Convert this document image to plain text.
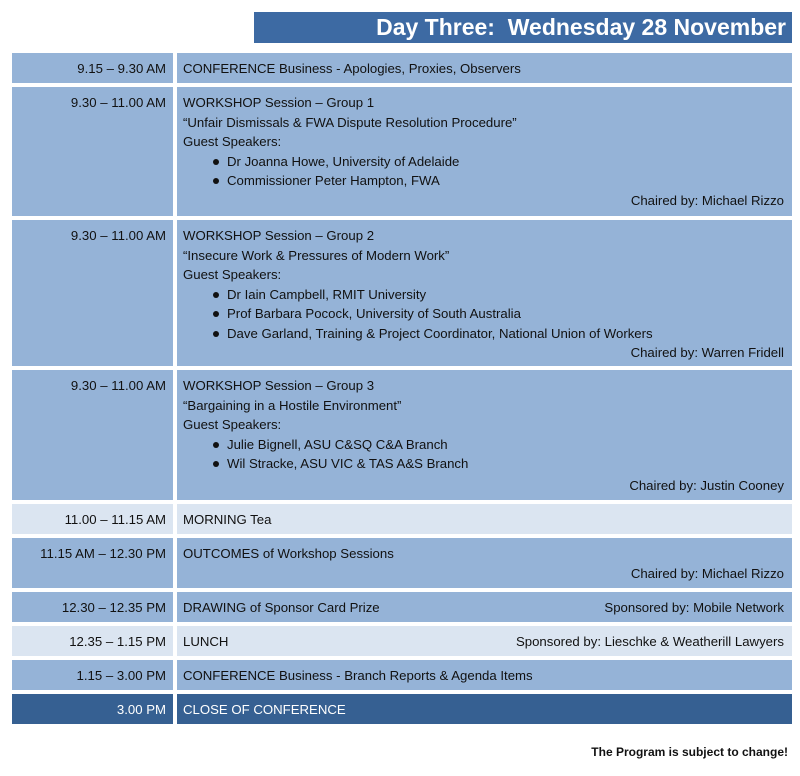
Day Three:  Wednesday 28 November
9.15 – 9.30 AM	CONFERENCE Business - Apologies, Proxies, Observers
9.30 – 11.00 AM	WORKSHOP Session – Group 1
“Unfair Dismissals & FWA Dispute Resolution Procedure”
Guest Speakers:
Dr Joanna Howe, University of Adelaide
Commissioner Peter Hampton, FWA
Chaired by: Michael Rizzo
9.30 – 11.00 AM	WORKSHOP Session – Group 2
“Insecure Work & Pressures of Modern Work”
Guest Speakers:
Dr Iain Campbell, RMIT University
Prof Barbara Pocock, University of South Australia
Dave Garland, Training & Project Coordinator, National Union of Workers
Chaired by: Warren Fridell
9.30 – 11.00 AM	WORKSHOP Session – Group 3
“Bargaining in a Hostile Environment”
Guest Speakers:
Julie Bignell, ASU C&SQ C&A Branch
Wil Stracke, ASU VIC & TAS A&S Branch
Chaired by: Justin Cooney
11.00 – 11.15 AM	MORNING Tea
11.15 AM – 12.30 PM	OUTCOMES of Workshop Sessions
Chaired by: Michael Rizzo
12.30 – 12.35 PM	DRAWING of Sponsor Card Prize	Sponsored by: Mobile Network
12.35 – 1.15 PM	LUNCH	Sponsored by: Lieschke & Weatherill Lawyers
1.15 – 3.00 PM	CONFERENCE Business - Branch Reports & Agenda Items
3.00 PM	CLOSE OF CONFERENCE
The Program is subject to change!
